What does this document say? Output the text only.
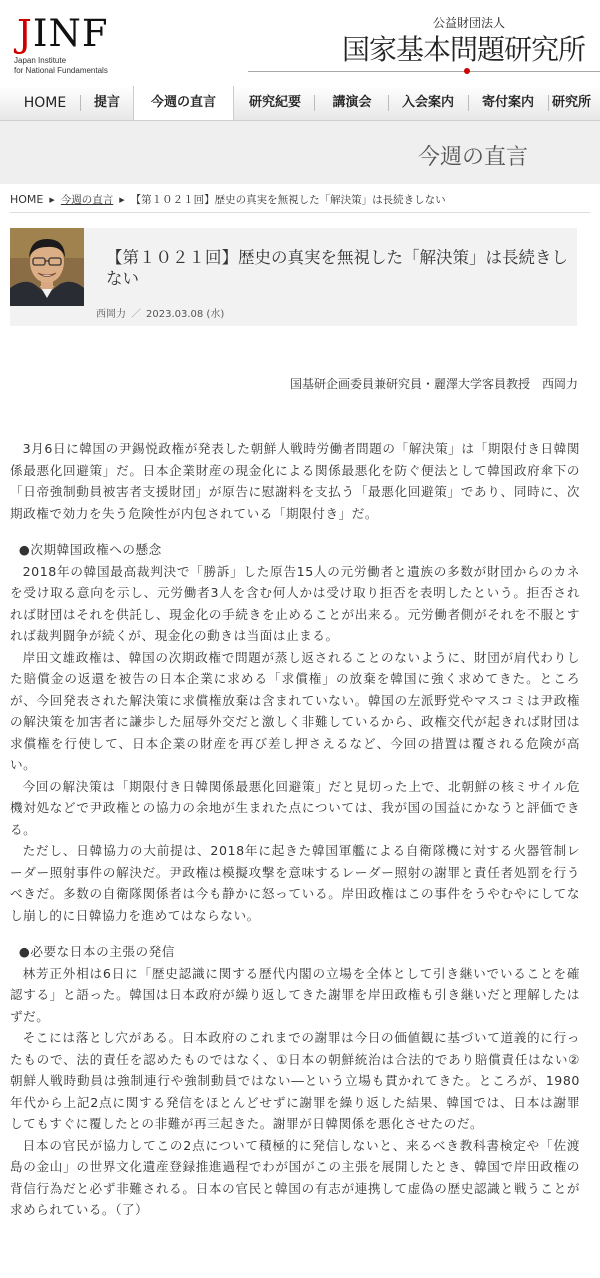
JINF
Japan Institute
for National Fundamentals
公益財団法人
国家基本問題研究所
HOME	提言	今週の直言	研究紀要	講演会	入会案内	寄付案内	研究所
今週の直言
HOME ▶ 今週の直言 ▶ 【第１０２１回】歴史の真実を無視した「解決策」は長続きしない
【第１０２１回】歴史の真実を無視した「解決策」は長続きしない
西岡力 ／ 2023.03.08 (水)
国基研企画委員兼研究員・麗澤大学客員教授　西岡力

3月6日に韓国の尹錫悦政権が発表した朝鮮人戦時労働者問題の「解決策」は「期限付き日韓関係最悪化回避策」だ。日本企業財産の現金化による関係最悪化を防ぐ便法として韓国政府傘下の「日帝強制動員被害者支援財団」が原告に慰謝料を支払う「最悪化回避策」であり、同時に、次期政権で効力を失う危険性が内包されている「期限付き」だ。

●次期韓国政権への懸念

2018年の韓国最高裁判決で「勝訴」した原告15人の元労働者と遺族の多数が財団からのカネを受け取る意向を示し、元労働者3人を含む何人かは受け取り拒否を表明したという。拒否されれば財団はそれを供託し、現金化の手続きを止めることが出来る。元労働者側がそれを不服とすれば裁判闘争が続くが、現金化の動きは当面は止まる。

岸田文雄政権は、韓国の次期政権で問題が蒸し返されることのないように、財団が肩代わりした賠償金の返還を被告の日本企業に求める「求償権」の放棄を韓国に強く求めてきた。ところが、今回発表された解決策に求償権放棄は含まれていない。韓国の左派野党やマスコミは尹政権の解決策を加害者に謙歩した屈辱外交だと激しく非難しているから、政権交代が起きれば財団は求償権を行使して、日本企業の財産を再び差し押さえるなど、今回の措置は覆される危険が高い。

今回の解決策は「期限付き日韓関係最悪化回避策」だと見切った上で、北朝鮮の核ミサイル危機対処などで尹政権との協力の余地が生まれた点については、我が国の国益にかなうと評価できる。

ただし、日韓協力の大前提は、2018年に起きた韓国軍艦による自衛隊機に対する火器管制レーダー照射事件の解決だ。尹政権は模擬攻撃を意味するレーダー照射の謝罪と責任者処罰を行うべきだ。多数の自衛隊関係者は今も静かに怒っている。岸田政権はこの事件をうやむやにしてなし崩し的に日韓協力を進めてはならない。

●必要な日本の主張の発信

林芳正外相は6日に「歴史認識に関する歴代内閣の立場を全体として引き継いでいることを確認する」と語った。韓国は日本政府が繰り返してきた謝罪を岸田政権も引き継いだと理解したはずだ。

そこには落とし穴がある。日本政府のこれまでの謝罪は今日の価値観に基づいて道義的に行ったもので、法的責任を認めたものではなく、①日本の朝鮮統治は合法的であり賠償責任はない②朝鮮人戦時動員は強制連行や強制動員ではない―という立場も貫かれてきた。ところが、1980年代から上記2点に関する発信をほとんどせずに謝罪を繰り返した結果、韓国では、日本は謝罪してもすぐに覆したとの非難が再三起きた。謝罪が日韓関係を悪化させたのだ。

日本の官民が協力してこの2点について積極的に発信しないと、来るべき教科書検定や「佐渡島の金山」の世界文化遺産登録推進過程でわが国がこの主張を展開したとき、韓国で岸田政権の背信行為だと必ず非難される。日本の官民と韓国の有志が連携して虚偽の歴史認識と戦うことが求められている。（了）
